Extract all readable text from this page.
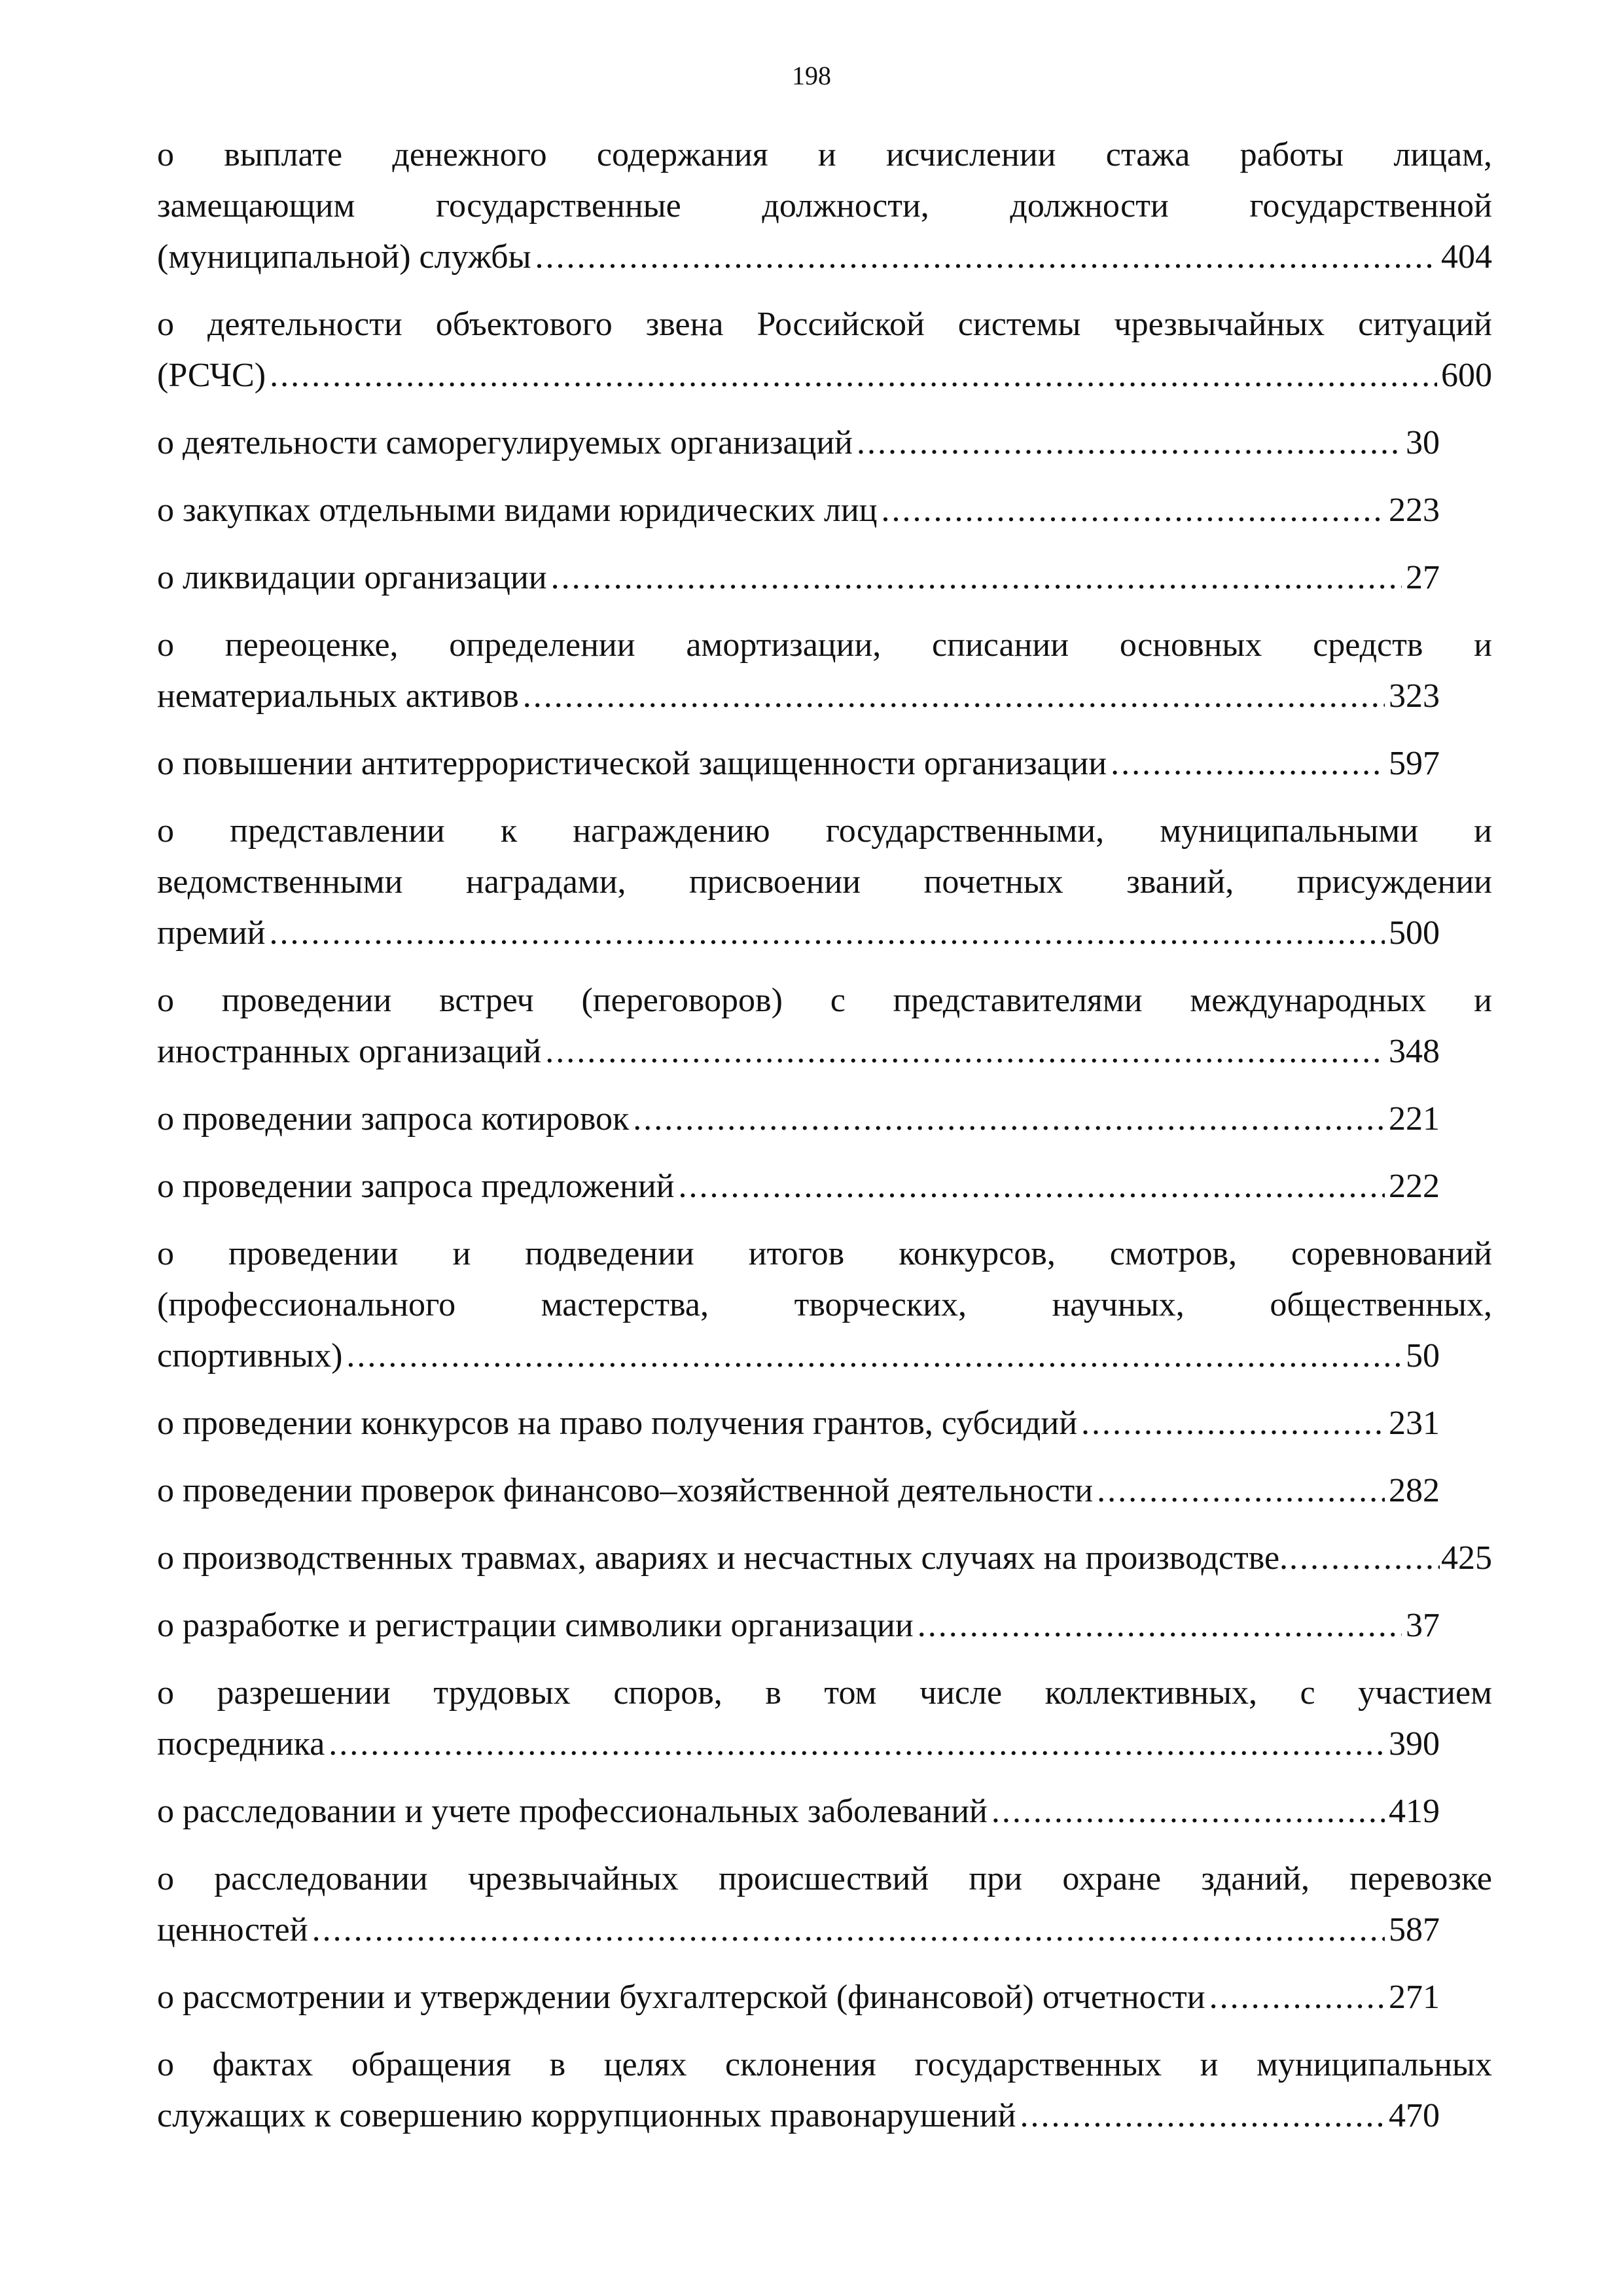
198
о выплате денежного содержания и исчислении стажа работы лицам,
замещающим государственные должности, должности государственной
(муниципальной) службы .....	404
о деятельности объектового звена Российской системы чрезвычайных ситуаций
(РСЧС) .....	600
о деятельности саморегулируемых организаций .....	30
о закупках отдельными видами юридических лиц .....	223
о ликвидации организации .....	27
о переоценке, определении амортизации, списании основных средств и
нематериальных активов .....	323
о повышении антитеррористической защищенности организации .....	597
о представлении к награждению государственными, муниципальными и
ведомственными наградами, присвоении почетных званий, присуждении
премий .....	500
о проведении встреч (переговоров) с представителями международных и
иностранных организаций .....	348
о проведении запроса котировок .....	221
о проведении запроса предложений .....	222
о проведении и подведении итогов конкурсов, смотров, соревнований
(профессионального мастерства, творческих, научных, общественных,
спортивных) .....	50
о проведении конкурсов на право получения грантов, субсидий .....	231
о проведении проверок финансово–хозяйственной деятельности .....	282
о производственных травмах, авариях и несчастных случаях на производстве. .....	425
о разработке и регистрации символики организации .....	37
о разрешении трудовых споров, в том числе коллективных, с участием
посредника .....	390
о расследовании и учете профессиональных заболеваний .....	419
о расследовании чрезвычайных происшествий при охране зданий, перевозке
ценностей .....	587
о рассмотрении и утверждении бухгалтерской (финансовой) отчетности .....	271
о фактах обращения в целях склонения государственных и муниципальных
служащих к совершению коррупционных правонарушений .....	470
